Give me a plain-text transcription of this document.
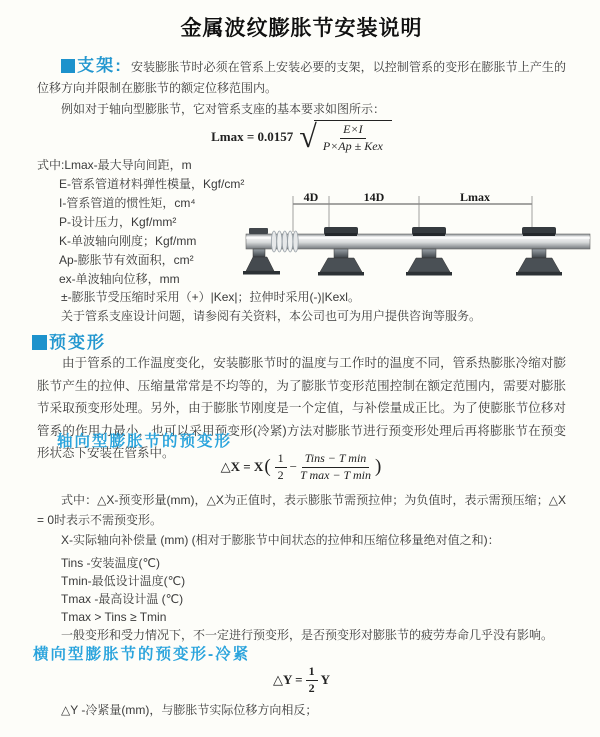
金属波纹膨胀节安装说明

支架: 安装膨胀节时必须在管系上安装必要的支架，以控制管系的变形在膨胀节上产生的位移方向并限制在膨胀节的额定位移范围内。

例如对于轴向型膨胀节，它对管系支座的基本要求如图所示：

Lmax = 0.0157 √ $\frac{E\times I}{\text{P×Ap ± Kex}}$
式中:Lmax-最大导向间距，m
E-管系管道材料弹性模量，Kgf/cm²
I-管系管道的惯性矩，cm⁴
P-设计压力，Kgf/mm²
K-单波轴向刚度；Kgf/mm
Ap-膨胀节有效面积，cm²
ex-单波轴向位移，mm
4D	14D	Lmax

±-膨胀节受压缩时采用（+）|Kex|；拉伸时采用(-)|Kexl。

关于管系支座设计问题，请参阅有关资料，本公司也可为用户提供咨询等服务。

预变形

由于管系的工作温度变化，安装膨胀节时的温度与工作时的温度不同，管系热膨胀冷缩对膨胀节产生的拉伸、压缩量常常是不均等的，为了膨胀节变形范围控制在额定范围内，需要对膨胀节采取预变形处理。另外，由于膨胀节刚度是一个定值，与补偿量成正比。为了使膨胀节位移对管系的作用力最小，也可以采用预变形(冷紧)方法对膨胀节进行预变形处理后再将膨胀节在预变形状态下安装在管系中。

轴向型膨胀节的预变形
△X = X ( $\frac{1}{2} - \frac{\text{Tins − T min}}{\text{T max − T min}}$ )

式中：△X-预变形量(mm)，△X为正值时，表示膨胀节需预拉伸；为负值时，表示需预压缩；△X = 0时表示不需预变形。

X-实际轴向补偿量 (mm) (相对于膨胀节中间状态的拉伸和压缩位移量绝对值之和)：
Tins -安装温度(℃)
Tmin-最低设计温度(℃)
Tmax -最高设计温 (℃)
Tmax > Tins ≥ Tmin
一般变形和受力情况下，不一定进行预变形，是否预变形对膨胀节的疲劳寿命几乎没有影响。
横向型膨胀节的预变形-冷紧
△Y = $\frac{1}{2}$ Y

△Y -冷紧量(mm)，与膨胀节实际位移方向相反；
